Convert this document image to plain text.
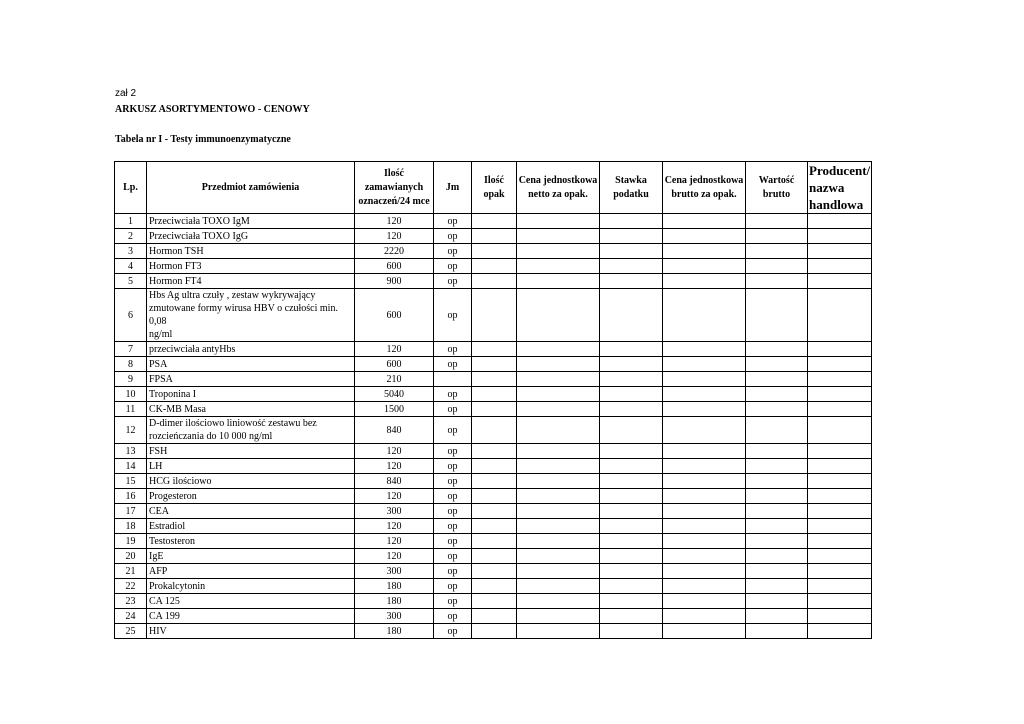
zał 2
ARKUSZ ASORTYMENTOWO - CENOWY
Tabela nr I - Testy immunoenzymatyczne
Lp.	Przedmiot zamówienia	Ilość
zamawianych
oznaczeń/24 mce	Jm	Ilość
opak	Cena jednostkowa
netto za opak.	Stawka
podatku	Cena jednostkowa
brutto za opak.	Wartość
brutto	Producent/
nazwa
handlowa
1	Przeciwciała TOXO IgM	120	op						
2	Przeciwciała TOXO IgG	120	op						
3	Hormon TSH	2220	op						
4	Hormon FT3	600	op						
5	Hormon FT4	900	op						
6	Hbs Ag ultra czuły , zestaw wykrywający
zmutowane formy wirusa HBV o czułości min. 0,08
ng/ml	600	op						
7	przeciwciała antyHbs	120	op						
8	PSA	600	op						
9	FPSA	210							
10	Troponina I	5040	op						
11	CK-MB Masa	1500	op						
12	D-dimer ilościowo liniowość zestawu bez
rozcieńczania do 10 000 ng/ml	840	op						
13	FSH	120	op						
14	LH	120	op						
15	HCG ilościowo	840	op						
16	Progesteron	120	op						
17	CEA	300	op						
18	Estradiol	120	op						
19	Testosteron	120	op						
20	IgE	120	op						
21	AFP	300	op						
22	Prokalcytonin	180	op						
23	CA 125	180	op						
24	CA 199	300	op						
25	HIV	180	op						
